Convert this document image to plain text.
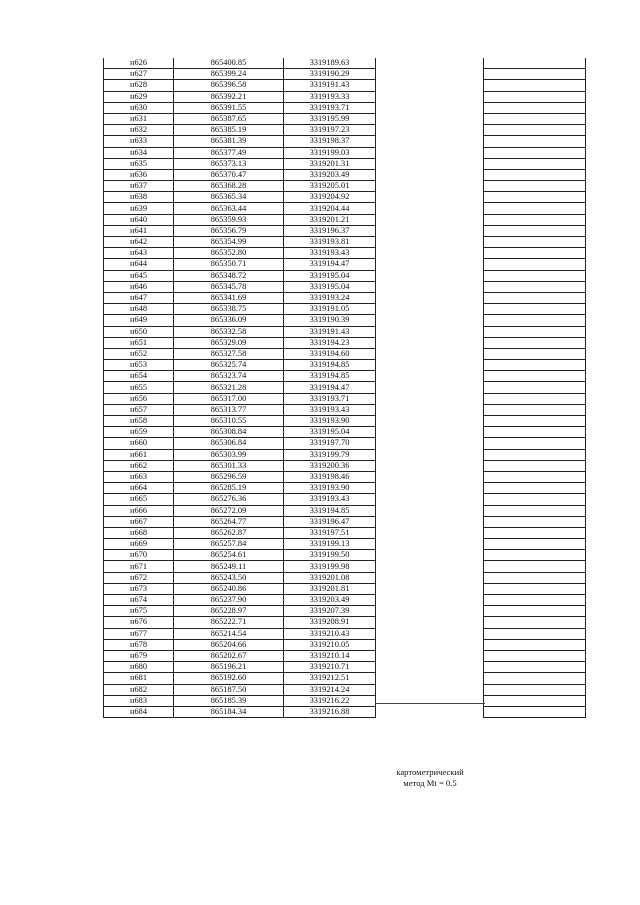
н626	865400.85	3319189.63		
н627	865399.24	3319190.29		
н628	865396.58	3319191.43		
н629	865392.21	3319193.33		
н630	865391.55	3319193.71		
н631	865387.65	3319195.99		
н632	865385.19	3319197.23		
н633	865381.39	3319198.37		
н634	865377.49	3319199.03		
н635	865373.13	3319201.31		
н636	865370.47	3319203.49		
н637	865368.28	3319205.01		
н638	865365.34	3319204.92		
н639	865363.44	3319204.44		
н640	865359.93	3319201.21		
н641	865356.79	3319196.37		
н642	865354.99	3319193.81		
н643	865352.80	3319193.43		
н644	865350.71	3319194.47		
н645	865348.72	3319195.04		
н646	865345.78	3319195.04		
н647	865341.69	3319193.24		
н648	865338.75	3319191.05		
н649	865336.09	3319190.39		
н650	865332.58	3319191.43		
н651	865329.09	3319194.23		
н652	865327.58	3319194.60		
н653	865325.74	3319194.85		
н654	865323.74	3319194.85		
н655	865321.28	3319194.47		
н656	865317.00	3319193.71		
н657	865313.77	3319193.43		
н658	865310.55	3319193.90		
н659	865308.84	3319195.04		
н660	865306.84	3319197.70		
н661	865303.99	3319199.79		
н662	865301.33	3319200.36		
н663	865296.59	3319198.46		
н664	865285.19	3319193.90		
н665	865276.36	3319193.43		
н666	865272.09	3319194.85		
н667	865264.77	3319196.47		
н668	865262.87	3319197.51		
н669	865257.84	3319199.13		
н670	865254.61	3319199.50		
н671	865249.11	3319199.98		
н672	865243.50	3319201.08		
н673	865240.86	3319201.81		
н674	865237.90	3319203.49		
н675	865228.97	3319207.39		
н676	865222.71	3319208.91		
н677	865214.54	3319210.43		
н678	865204.66	3319210.05		
н679	865202.67	3319210.14		
н680	865196.21	3319210.71		
н681	865192.60	3319212.51		
н682	865187.50	3319214.24		
н683	865185.39	3319216.22		
н684	865184.34	3319216.88		
картометрический
метод Mt = 0.5
